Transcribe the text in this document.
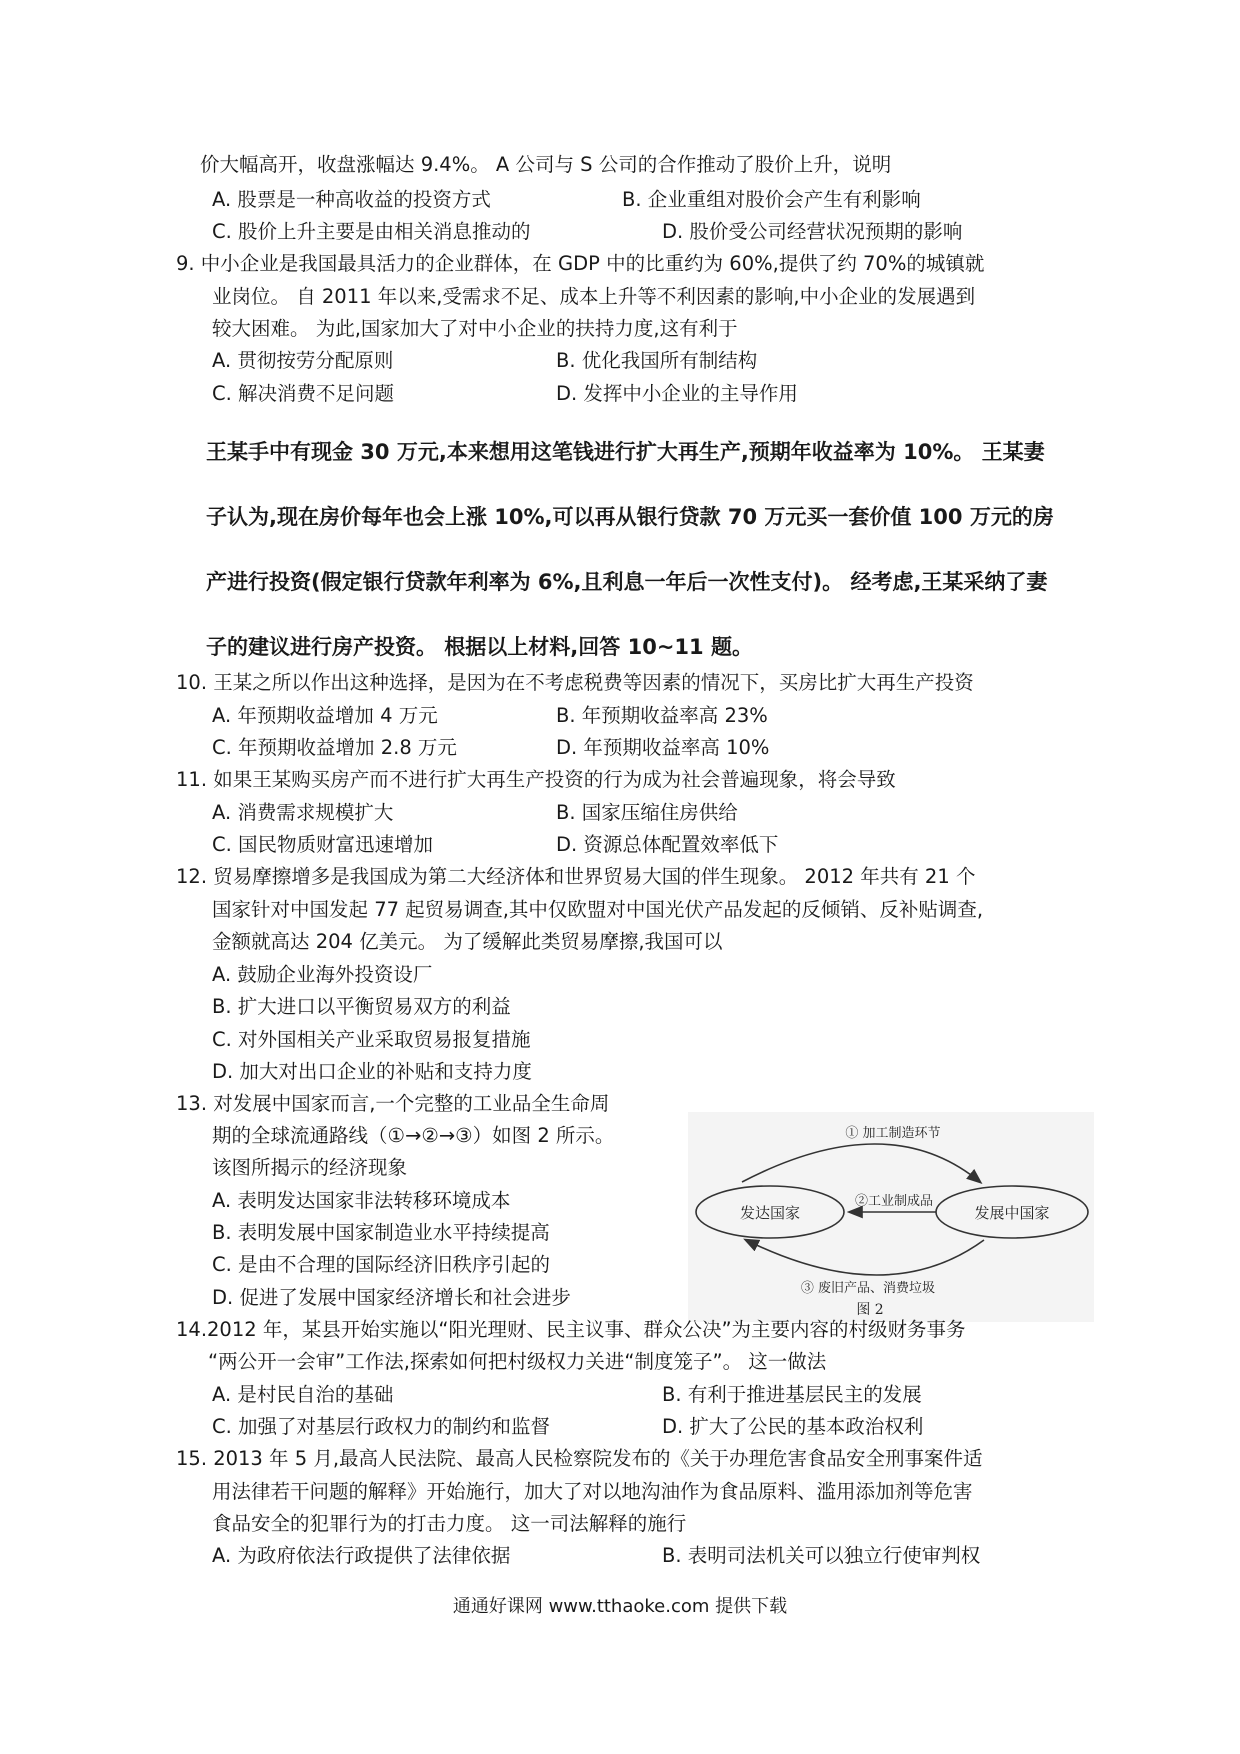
价大幅高开，收盘涨幅达 9.4%。 A 公司与 S 公司的合作推动了股价上升，说明
A. 股票是一种高收益的投资方式	B. 企业重组对股价会产生有利影响
C. 股价上升主要是由相关消息推动的	D. 股价受公司经营状况预期的影响
9. 中小企业是我国最具活力的企业群体，在 GDP 中的比重约为 60%,提供了约 70%的城镇就
业岗位。 自 2011 年以来,受需求不足、成本上升等不利因素的影响,中小企业的发展遇到
较大困难。 为此,国家加大了对中小企业的扶持力度,这有利于
A. 贯彻按劳分配原则	B. 优化我国所有制结构
C. 解决消费不足问题	D. 发挥中小企业的主导作用
王某手中有现金 30 万元,本来想用这笔钱进行扩大再生产,预期年收益率为 10%。 王某妻子认为,现在房价每年也会上涨 10%,可以再从银行贷款 70 万元买一套价值 100 万元的房产进行投资(假定银行贷款年利率为 6%,且利息一年后一次性支付)。 经考虑,王某采纳了妻子的建议进行房产投资。 根据以上材料,回答 10~11 题。
10. 王某之所以作出这种选择，是因为在不考虑税费等因素的情况下，买房比扩大再生产投资
A. 年预期收益增加 4 万元	B. 年预期收益率高 23%
C. 年预期收益增加 2.8 万元	D. 年预期收益率高 10%
11. 如果王某购买房产而不进行扩大再生产投资的行为成为社会普遍现象，将会导致
A. 消费需求规模扩大	B. 国家压缩住房供给
C. 国民物质财富迅速增加	D. 资源总体配置效率低下
12. 贸易摩擦增多是我国成为第二大经济体和世界贸易大国的伴生现象。 2012 年共有 21 个
国家针对中国发起 77 起贸易调查,其中仅欧盟对中国光伏产品发起的反倾销、反补贴调查,
金额就高达 204 亿美元。 为了缓解此类贸易摩擦,我国可以
A. 鼓励企业海外投资设厂
B. 扩大进口以平衡贸易双方的利益
C. 对外国相关产业采取贸易报复措施
D. 加大对出口企业的补贴和支持力度
13. 对发展中国家而言,一个完整的工业品全生命周
期的全球流通路线（①→②→③）如图 2 所示。
该图所揭示的经济现象
A. 表明发达国家非法转移环境成本
B. 表明发展中国家制造业水平持续提高
C. 是由不合理的国际经济旧秩序引起的
D. 促进了发展中国家经济增长和社会进步
发达国家	发展中国家
① 加工制造环节
②工业制成品
③ 废旧产品、消费垃圾
图 2
14.2012 年，某县开始实施以“阳光理财、民主议事、群众公决”为主要内容的村级财务事务
“两公开一会审”工作法,探索如何把村级权力关进“制度笼子”。 这一做法
A. 是村民自治的基础	B. 有利于推进基层民主的发展
C. 加强了对基层行政权力的制约和监督	D. 扩大了公民的基本政治权利
15. 2013 年 5 月,最高人民法院、最高人民检察院发布的《关于办理危害食品安全刑事案件适
用法律若干问题的解释》开始施行，加大了对以地沟油作为食品原料、滥用添加剂等危害
食品安全的犯罪行为的打击力度。 这一司法解释的施行
A. 为政府依法行政提供了法律依据	B. 表明司法机关可以独立行使审判权
通通好课网 www.tthaoke.com 提供下载
